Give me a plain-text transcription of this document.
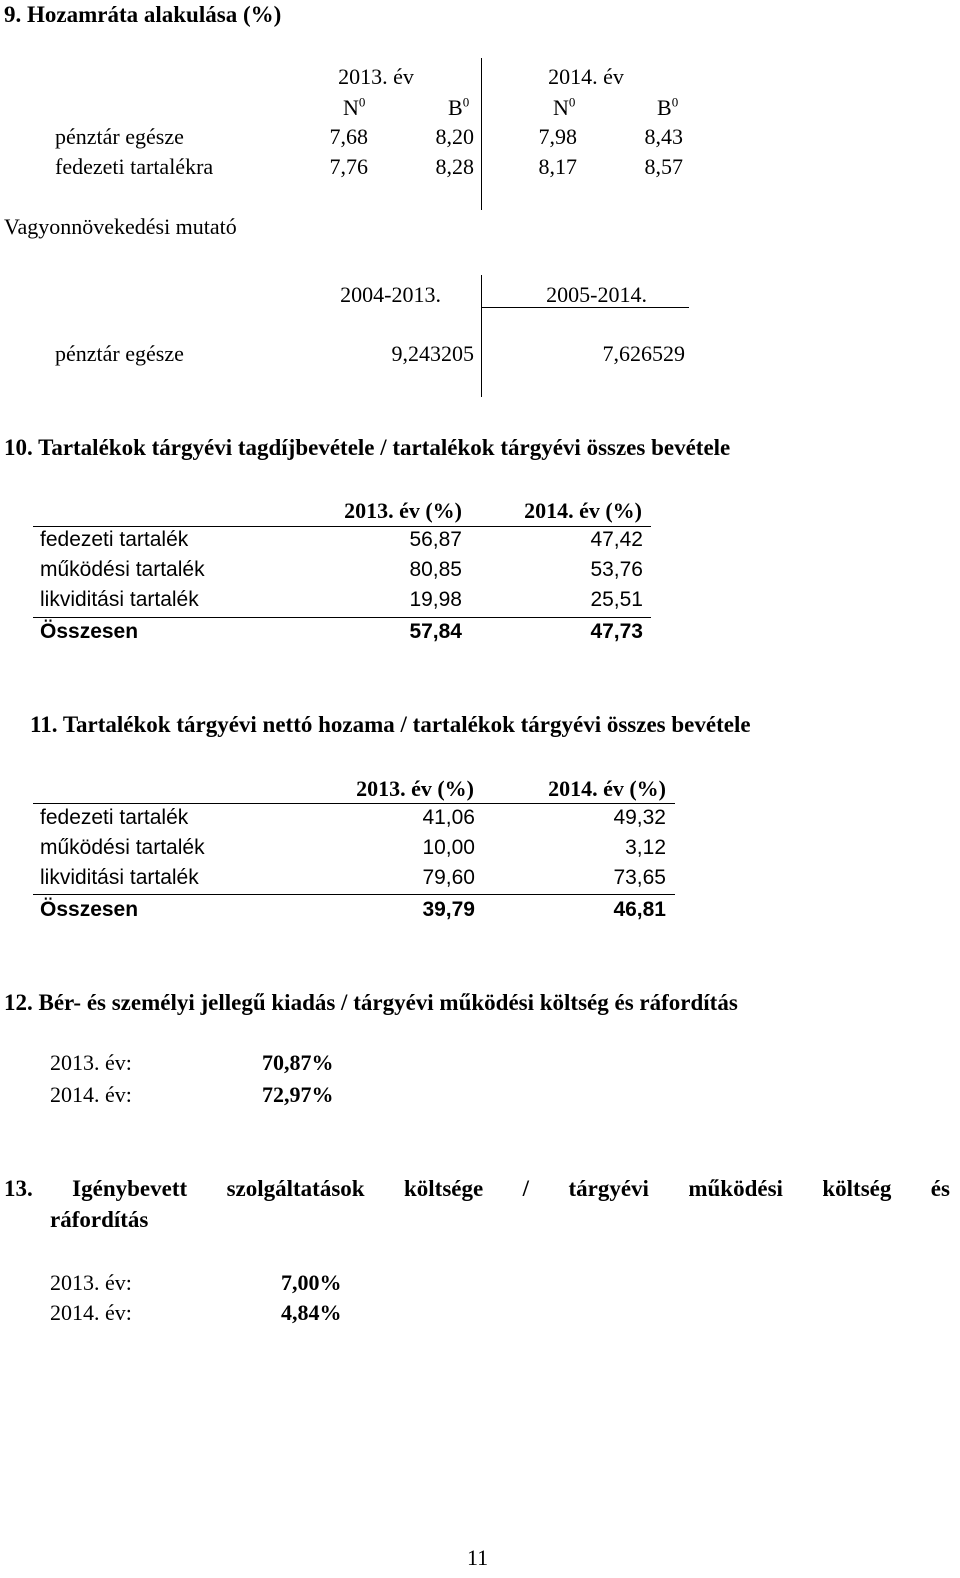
9. Hozamráta alakulása (%)
2013. év	2014. év
$N^0$	$B^0$	$N^0$	$B^0$
pénztár egésze	7,68	8,20	7,98	8,43
fedezeti tartalékra	7,76	8,28	8,17	8,57
Vagyonnövekedési mutató
2004-2013.	2005-2014.
pénztár egésze	9,243205	7,626529
10. Tartalékok tárgyévi tagdíjbevétele / tartalékok tárgyévi összes bevétele
2013. év (%)	2014. év (%)
fedezeti tartalék	56,87	47,42
működési tartalék	80,85	53,76
likviditási tartalék	19,98	25,51
Összesen	57,84	47,73
11. Tartalékok tárgyévi nettó hozama / tartalékok tárgyévi összes bevétele
2013. év (%)	2014. év (%)
fedezeti tartalék	41,06	49,32
működési tartalék	10,00	3,12
likviditási tartalék	79,60	73,65
Összesen	39,79	46,81
12. Bér- és személyi jellegű kiadás / tárgyévi működési költség és ráfordítás
2013. év:	70,87%
2014. év:	72,97%
13. Igénybevett szolgáltatások költsége / tárgyévi működési költség és
ráfordítás
2013. év:	7,00%
2014. év:	4,84%
11
